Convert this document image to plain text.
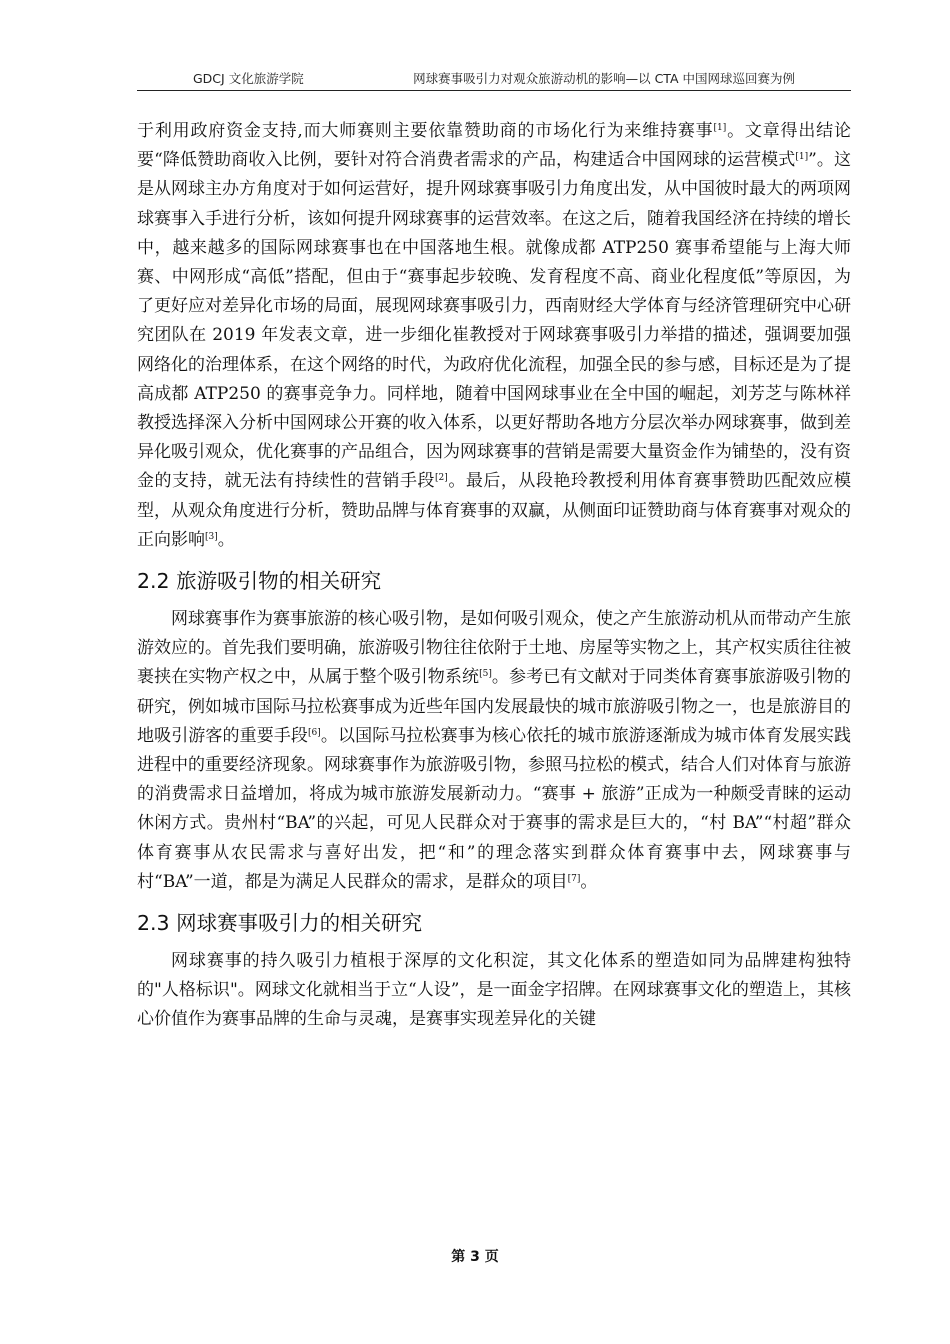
GDCJ 文化旅游学院	网球赛事吸引力对观众旅游动机的影响—以 CTA 中国网球巡回赛为例

于利用政府资金支持,而大师赛则主要依靠赞助商的市场化行为来维持赛事[1]。文章得出结论要“降低赞助商收入比例，要针对符合消费者需求的产品，构建适合中国网球的运营模式[1]”。这是从网球主办方角度对于如何运营好，提升网球赛事吸引力角度出发，从中国彼时最大的两项网球赛事入手进行分析，该如何提升网球赛事的运营效率。在这之后，随着我国经济在持续的增长中，越来越多的国际网球赛事也在中国落地生根。就像成都 ATP250 赛事希望能与上海大师赛、中网形成“高低”搭配，但由于“赛事起步较晚、发育程度不高、商业化程度低”等原因，为了更好应对差异化市场的局面，展现网球赛事吸引力，西南财经大学体育与经济管理研究中心研究团队在 2019 年发表文章，进一步细化崔教授对于网球赛事吸引力举措的描述，强调要加强网络化的治理体系，在这个网络的时代，为政府优化流程，加强全民的参与感，目标还是为了提高成都 ATP250 的赛事竞争力。同样地，随着中国网球事业在全中国的崛起，刘芳芝与陈林祥教授选择深入分析中国网球公开赛的收入体系，以更好帮助各地方分层次举办网球赛事，做到差异化吸引观众，优化赛事的产品组合，因为网球赛事的营销是需要大量资金作为铺垫的，没有资金的支持，就无法有持续性的营销手段[2]。最后，从段艳玲教授利用体育赛事赞助匹配效应模型，从观众角度进行分析，赞助品牌与体育赛事的双赢，从侧面印证赞助商与体育赛事对观众的正向影响[3]。

2.2 旅游吸引物的相关研究

网球赛事作为赛事旅游的核心吸引物，是如何吸引观众，使之产生旅游动机从而带动产生旅游效应的。首先我们要明确，旅游吸引物往往依附于土地、房屋等实物之上，其产权实质往往被裹挟在实物产权之中，从属于整个吸引物系统[5]。参考已有文献对于同类体育赛事旅游吸引物的研究，例如城市国际马拉松赛事成为近些年国内发展最快的城市旅游吸引物之一，也是旅游目的地吸引游客的重要手段[6]。以国际马拉松赛事为核心依托的城市旅游逐渐成为城市体育发展实践进程中的重要经济现象。网球赛事作为旅游吸引物，参照马拉松的模式，结合人们对体育与旅游的消费需求日益增加，将成为城市旅游发展新动力。“赛事 + 旅游”正成为一种颇受青睐的运动休闲方式。贵州村“BA”的兴起，可见人民群众对于赛事的需求是巨大的，“村 BA”“村超”群众体育赛事从农民需求与喜好出发，把“和”的理念落实到群众体育赛事中去，网球赛事与村“BA”一道，都是为满足人民群众的需求，是群众的项目[7]。

2.3 网球赛事吸引力的相关研究

网球赛事的持久吸引力植根于深厚的文化积淀，其文化体系的塑造如同为品牌建构独特的"人格标识"。网球文化就相当于立“人设”，是一面金字招牌。在网球赛事文化的塑造上，其核心价值作为赛事品牌的生命与灵魂，是赛事实现差异化的关键

第 3 页
